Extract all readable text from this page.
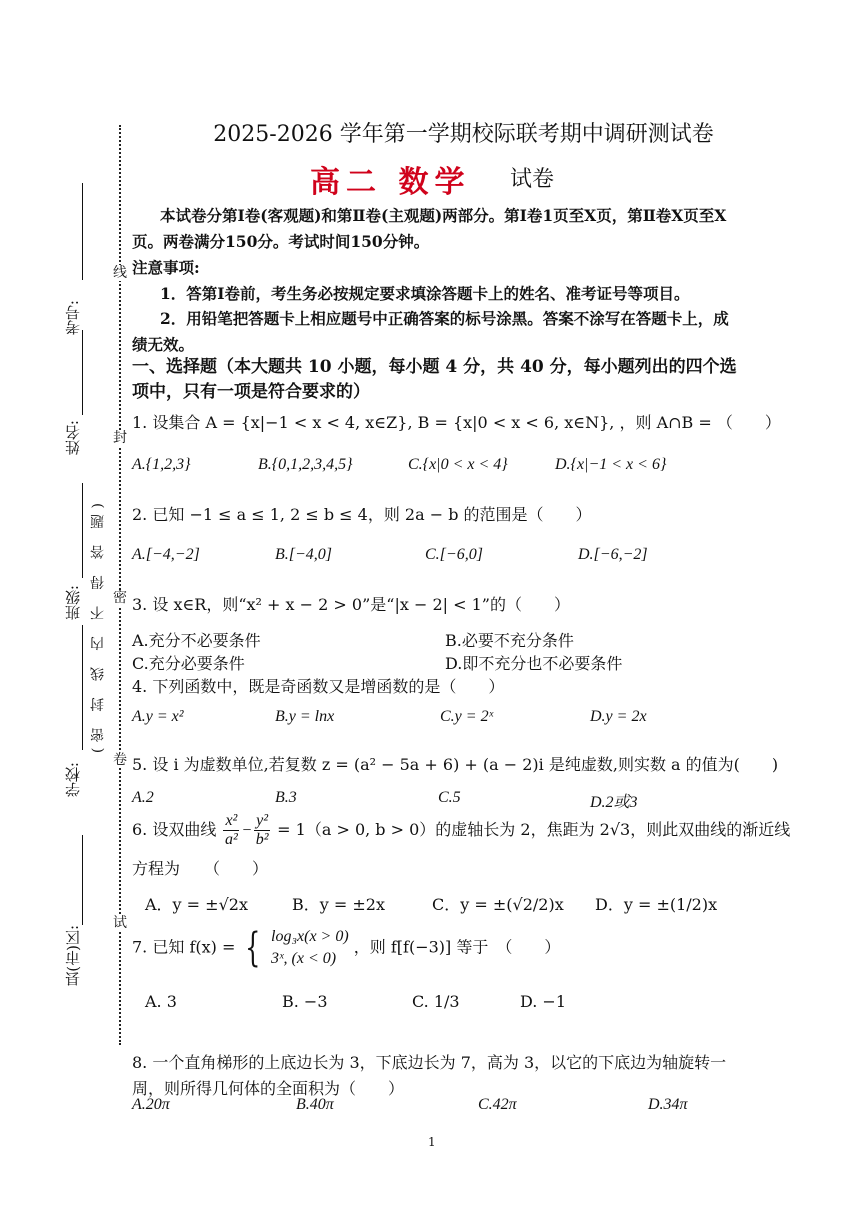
线
封
密
卷
试
考号:
姓名:
(密 封 线 内 不 得 答 题)
班级:
学校:
县(市)区:
2025-2026 学年第一学期校际联考期中调研测试卷
高二 数学 试卷
本试卷分第Ⅰ卷(客观题)和第Ⅱ卷(主观题)两部分。第Ⅰ卷1页至X页，第Ⅱ卷X页至X页。两卷满分150分。考试时间150分钟。
注意事项:
1．答第Ⅰ卷前，考生务必按规定要求填涂答题卡上的姓名、准考证号等项目。
2．用铅笔把答题卡上相应题号中正确答案的标号涂黑。答案不涂写在答题卡上，成绩无效。
一、选择题（本大题共 10 小题，每小题 4 分，共 40 分，每小题列出的四个选项中，只有一项是符合要求的）
1. 设集合 A = {x|−1 < x < 4, x∈Z}, B = {x|0 < x < 6, x∈N}, ，则 A∩B = （　　）
A.{1,2,3}	B.{0,1,2,3,4,5}	C.{x|0 < x < 4}	D.{x|−1 < x < 6}
2. 已知 −1 ≤ a ≤ 1, 2 ≤ b ≤ 4，则 2a − b 的范围是（　　）
A.[−4,−2]	B.[−4,0]	C.[−6,0]	D.[−6,−2]
3. 设 x∈R，则“x² + x − 2 > 0”是“|x − 2| < 1”的（　　）
A.充分不必要条件	B.必要不充分条件
C.充分必要条件	D.即不充分也不必要条件
4. 下列函数中，既是奇函数又是增函数的是（　　）
A.y = x²	B.y = lnx	C.y = 2ˣ	D.y = 2x
5. 设 i 为虚数单位,若复数 z = (a² − 5a + 6) + (a − 2)i 是纯虚数,则实数 a 的值为(　　)
A.2	B.3	C.5	D.2或3
6. 设双曲线 $\frac{\text{x²}}{\text{a²}} - \frac{\text{y²}}{\text{b²}} = 1(a > 0$, b > 0）的虚轴长为 2，焦距为 2√3，则此双曲线的渐近线
方程为　　（　　）
A．y = ±√2x	B．y = ±2x	C．y = ±(√2/2)x D．y = ±(1/2)x
7. 已知 f(x) = { log₃x(x > 0)
3ˣ, (x < 0)
，则 f[f(−3)] 等于　（　　）
A. 3	B. −3	C. 1/3	D. −1
8. 一个直角梯形的上底边长为 3，下底边长为 7，高为 3，以它的下底边为轴旋转一周，则所得几何体的全面积为（　　）
A.20π	B.40π	C.42π	D.34π
1
